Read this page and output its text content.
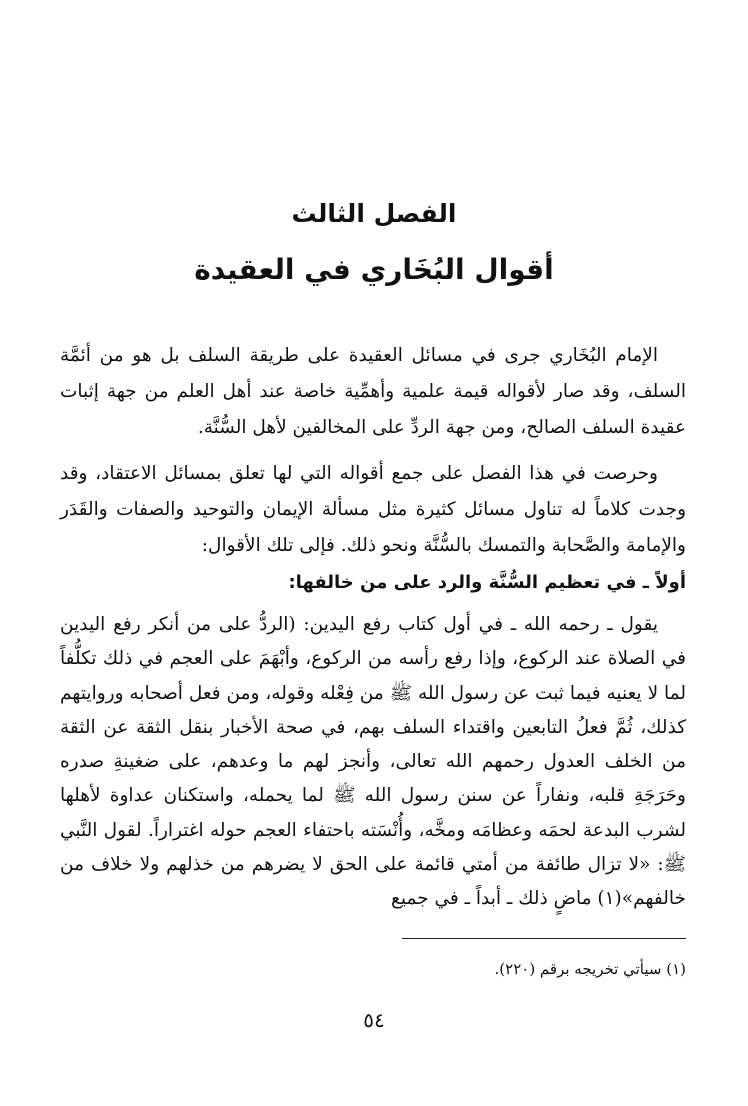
الفصل الثالث
أقوال البُخَاري في العقيدة

الإمام البُخَاري جرى في مسائل العقيدة على طريقة السلف بل هو من أئمَّة السلف، وقد صار لأقواله قيمة علمية وأهمِّية خاصة عند أهل العلم من جهة إثبات عقيدة السلف الصالح، ومن جهة الردِّ على المخالفين لأهل السُّنَّة.

وحرصت في هذا الفصل على جمع أقواله التي لها تعلق بمسائل الاعتقاد، وقد وجدت كلاماً له تناول مسائل كثيرة مثل مسألة الإيمان والتوحيد والصفات والقَدَر والإمامة والصَّحابة والتمسك بالسُّنَّة ونحو ذلك. فإلى تلك الأقوال:

أولاً ـ في تعظيم السُّنَّة والرد على من خالفها:

يقول ـ رحمه الله ـ في أول كتاب رفع اليدين: (الردُّ على من أنكر رفع اليدين في الصلاة عند الركوع، وإذا رفع رأسه من الركوع، وأبْهَمَ على العجم في ذلك تكلُّفاً لما لا يعنيه فيما ثبت عن رسول الله ﷺ من فِعْله وقوله، ومن فعل أصحابه وروايتهم كذلك، ثُمَّ فعلُ التابعين واقتداء السلف بهم، في صحة الأخبار بنقل الثقة عن الثقة من الخلف العدول رحمهم الله تعالى، وأنجز لهم ما وعدهم، على ضغينةِ صدره وحَرَجَةِ قلبه، ونفاراً عن سنن رسول الله ﷺ لما يحمله، واستكنان عداوة لأهلها لشرب البدعة لحمَه وعظامَه ومخَّه، وأُنْسَته باحتفاء العجم حوله اغتراراً. لقول النَّبي ﷺ: «لا تزال طائفة من أمتي قائمة على الحق لا يضرهم من خذلهم ولا خلاف من خالفهم»(١) ماضٍ ذلك ـ أبداً ـ في جميع

(١) سيأتي تخريجه برقم (٢٢٠).
٥٤
